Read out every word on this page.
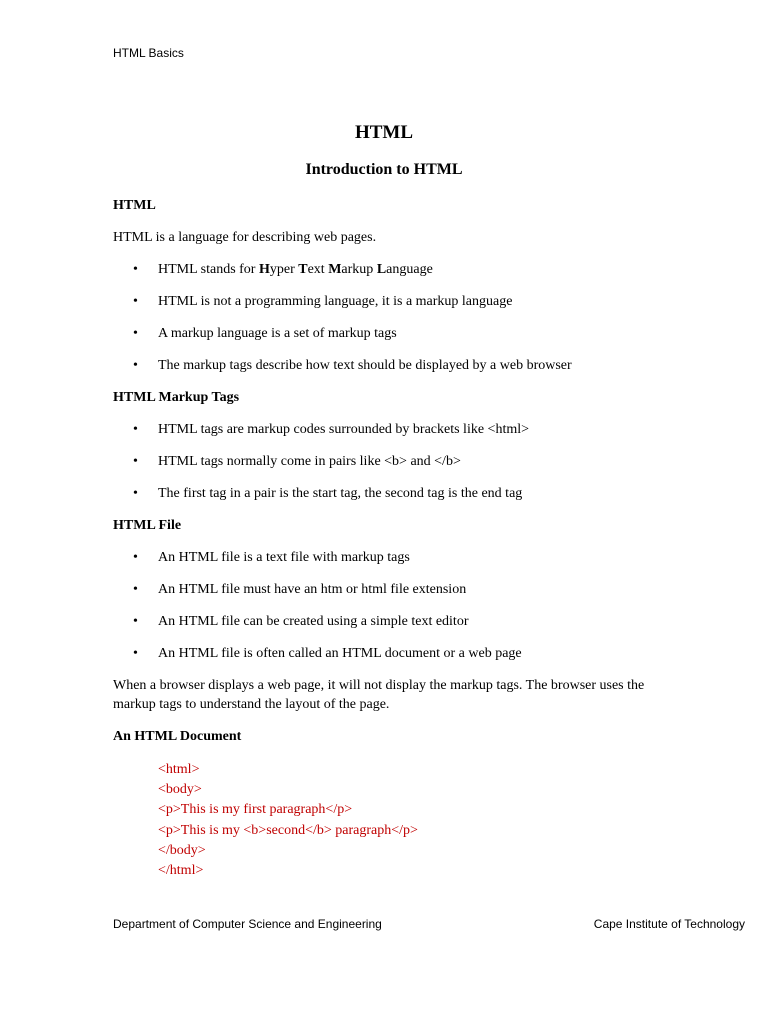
HTML Basics
HTML
Introduction to HTML
HTML

HTML is a language for describing web pages.

• HTML stands for Hyper Text Markup Language
• HTML is not a programming language, it is a markup language
• A markup language is a set of markup tags
• The markup tags describe how text should be displayed by a web browser
HTML Markup Tags
• HTML tags are markup codes surrounded by brackets like <html>
• HTML tags normally come in pairs like <b> and </b>
• The first tag in a pair is the start tag, the second tag is the end tag
HTML File
• An HTML file is a text file with markup tags
• An HTML file must have an htm or html file extension
• An HTML file can be created using a simple text editor
• An HTML file is often called an HTML document or a web page

When a browser displays a web page, it will not display the markup tags. The browser uses the markup tags to understand the layout of the page.

An HTML Document
<html>
<body>
<p>This is my first paragraph</p>
<p>This is my <b>second</b> paragraph</p>
</body>
</html>
Department of Computer Science and Engineering	Cape Institute of Technology
